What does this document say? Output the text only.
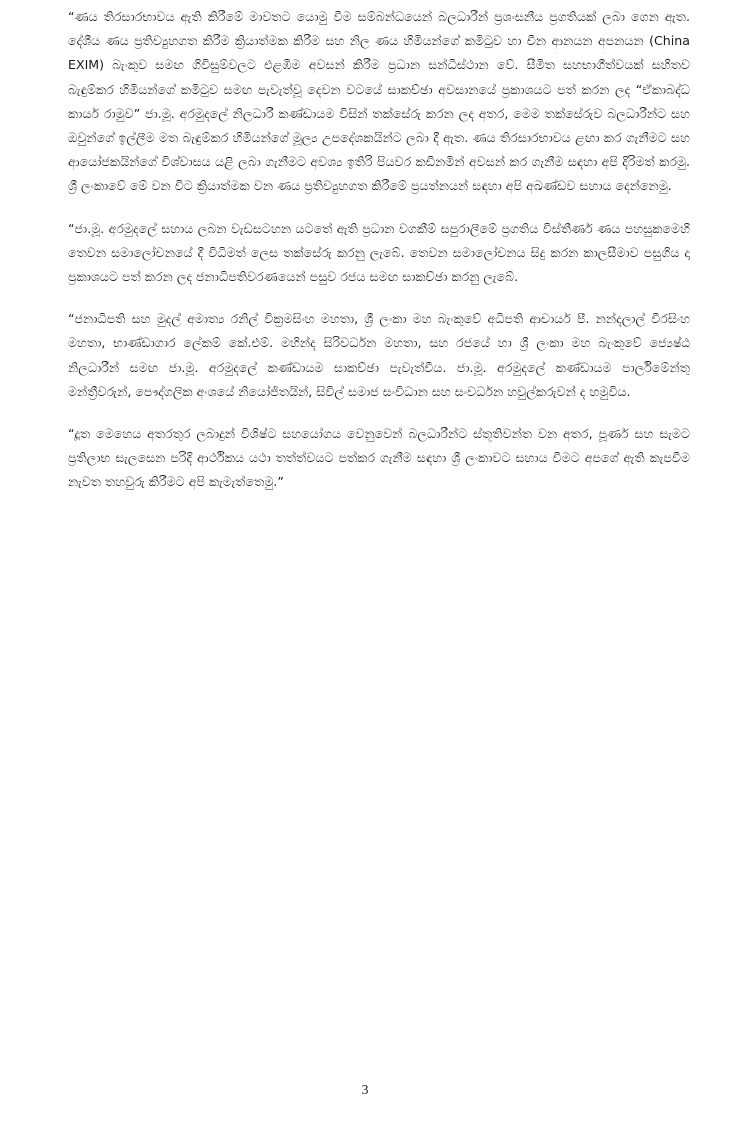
“ණය තිරසාරභාවය ඇති කිරීමේ මාවතට යොමු වීම සම්බන්ධයෙන් බලධාරීන් ප්‍රශංසනීය ප්‍රගතියක් ලබා ගෙන ඇත. දේශීය ණය ප්‍රතිව්‍යුහගත කිරීම ක්‍රියාත්මක කිරීම සහ නිල ණය හිමියන්ගේ කමිටුව හා චීන ආනයන අපනයන (China EXIM) බැංකුව සමඟ ගිවිසුම්වලට එළඹීම අවසන් කිරීම ප්‍රධාන සන්ධිස්ථාන වේ. සීමිත සහභාගීත්වයක් සහිතව බැඳුම්කර හිමියන්ගේ කමිටුව සමඟ පැවැත්වූ දෙවන වටයේ සාකච්ඡා අවසානයේ ප්‍රකාශයට පත් කරන ලද “ඒකාබද්ධ කාර්ය රාමුව” ජා.මූ. අරමුදලේ නිලධාරී කණ්ඩායම විසින් තක්සේරු කරන ලද අතර, මෙම තක්සේරුව බලධාරීන්ට සහ ඔවුන්ගේ ඉල්ලීම මත බැඳුම්කර හිමියන්ගේ මූල්‍ය උපදේශකයින්ට ලබා දී ඇත. ණය තිරසාරභාවය ළඟා කර ගැනීමට සහ ආයෝජකයින්ගේ විශ්වාසය යළි ලබා ගැනීමට අවශ්‍ය ඉතිරි පියවර කඩිනමින් අවසන් කර ගැනීම සඳහා අපි දිරිමත් කරමු. ශ්‍රී ලංකාවේ මේ වන විට ක්‍රියාත්මක වන ණය ප්‍රතිව්‍යුහගත කිරීමේ ප්‍රයත්නයන් සඳහා අපි අඛණ්ඩව සහාය දෙන්නෙමු.

“ජා.මූ. අරමුදලේ සහාය ලබන වැඩසටහන යටතේ ඇති ප්‍රධාන වගකීම් සපුරාලීමේ ප්‍රගතිය විස්තීර්ණ ණය පහසුකමෙහි තෙවන සමාලෝචනයේ දී විධිමත් ලෙස තක්සේරු කරනු ලැබේ. තෙවන සමාලෝචනය සිදු කරන කාලසීමාව පසුගිය දා ප්‍රකාශයට පත් කරන ලද ජනාධිපතිවරණයෙන් පසුව රජය සමඟ සාකච්ඡා කරනු ලැබේ.

“ජනාධිපති සහ මුදල් අමාත්‍ය රනිල් වික්‍රමසිංහ මහතා, ශ්‍රී ලංකා මහ බැංකුවේ අධිපති ආචාර්ය පී. නන්දලාල් වීරසිංහ මහතා, භාණ්ඩාගාර ලේකම් කේ.එම්. මහින්ද සිරිවර්ධන මහතා, සහ රජයේ හා ශ්‍රී ලංකා මහ බැංකුවේ ජ්‍යෙෂ්ඨ නිලධාරීන් සමඟ ජා.මූ. අරමුදලේ කණ්ඩායම සාකච්ඡා පැවැත්වීය. ජා.මූ. අරමුදලේ කණ්ඩායම පාර්ලිමේන්තු මන්ත්‍රීවරුන්, පෞද්ගලික අංශයේ නියෝජිතයින්, සිවිල් සමාජ සංවිධාන සහ සංවර්ධන හවුල්කරුවන් ද හමුවිය.

“දූත මෙහෙය අතරතුර ලබාදුන් විශිෂ්ට සහයෝගය වෙනුවෙන් බලධාරීන්ට ස්තූතිවන්ත වන අතර, පූර්ණ සහ සැමට ප්‍රතිලාභ සැලසෙන පරිදි ආර්ථිකය යථා තත්ත්වයට පත්කර ගැනීම සඳහා ශ්‍රී ලංකාවට සහාය වීමට අපගේ ඇති කැපවීම නැවත තහවුරු කිරීමට අපි කැමැත්තෙමු.”

3
